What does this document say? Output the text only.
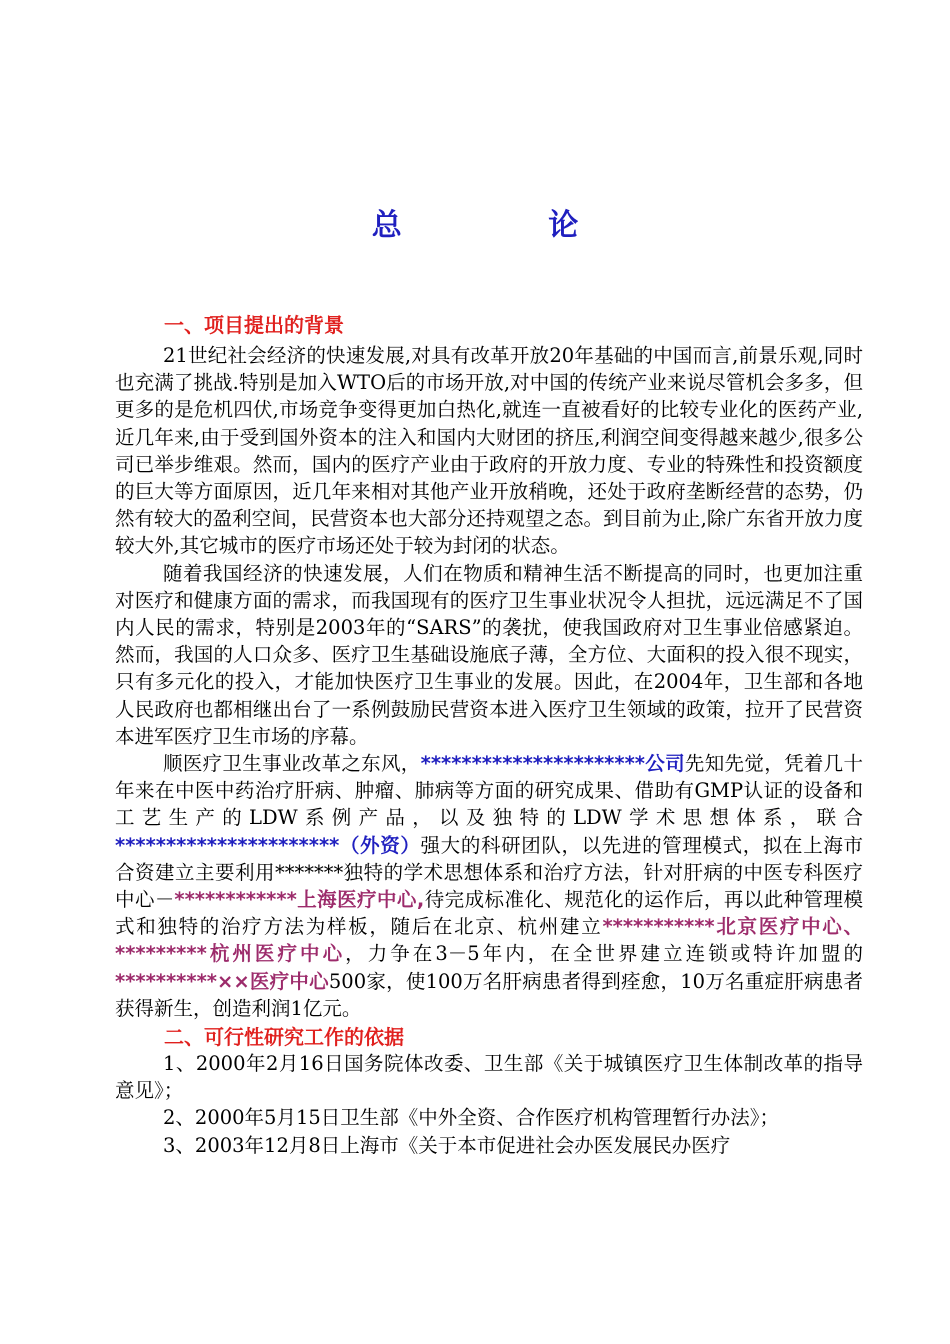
总 论
一、项目提出的背景

21世纪社会经济的快速发展,对具有改革开放20年基础的中国而言,前景乐观,同时也充满了挑战.特别是加入WTO后的市场开放,对中国的传统产业来说尽管机会多多，但更多的是危机四伏,市场竞争变得更加白热化,就连一直被看好的比较专业化的医药产业,近几年来,由于受到国外资本的注入和国内大财团的挤压,利润空间变得越来越少,很多公司已举步维艰。然而，国内的医疗产业由于政府的开放力度、专业的特殊性和投资额度的巨大等方面原因，近几年来相对其他产业开放稍晚，还处于政府垄断经营的态势，仍然有较大的盈利空间，民营资本也大部分还持观望之态。到目前为止,除广东省开放力度较大外,其它城市的医疗市场还处于较为封闭的状态。

随着我国经济的快速发展，人们在物质和精神生活不断提高的同时，也更加注重对医疗和健康方面的需求，而我国现有的医疗卫生事业状况令人担扰，远远满足不了国内人民的需求，特别是2003年的“SARS”的袭扰，使我国政府对卫生事业倍感紧迫。然而，我国的人口众多、医疗卫生基础设施底子薄，全方位、大面积的投入很不现实，只有多元化的投入，才能加快医疗卫生事业的发展。因此，在2004年，卫生部和各地人民政府也都相继出台了一系例鼓励民营资本进入医疗卫生领域的政策，拉开了民营资本进军医疗卫生市场的序幕。

顺医疗卫生事业改革之东风，**********************公司先知先觉，凭着几十年来在中医中药治疗肝病、肿瘤、肺病等方面的研究成果、借助有GMP认证的设备和工艺生产的LDW系例产品，以及独特的LDW学术思想体系，联合**********************（外资）强大的科研团队，以先进的管理模式，拟在上海市合资建立主要利用*******独特的学术思想体系和治疗方法，针对肝病的中医专科医疗中心－************上海医疗中心,待完成标准化、规范化的运作后，再以此种管理模式和独特的治疗方法为样板，随后在北京、杭州建立***********北京医疗中心、*********杭州医疗中心，力争在3－5年内，在全世界建立连锁或特许加盟的**********××医疗中心500家，使100万名肝病患者得到痊愈，10万名重症肝病患者获得新生，创造利润1亿元。

二、可行性研究工作的依据

1、2000年2月16日国务院体改委、卫生部《关于城镇医疗卫生体制改革的指导意见》；

2、2000年5月15日卫生部《中外全资、合作医疗机构管理暂行办法》；

3、2003年12月8日上海市《关于本市促进社会办医发展民办医疗
